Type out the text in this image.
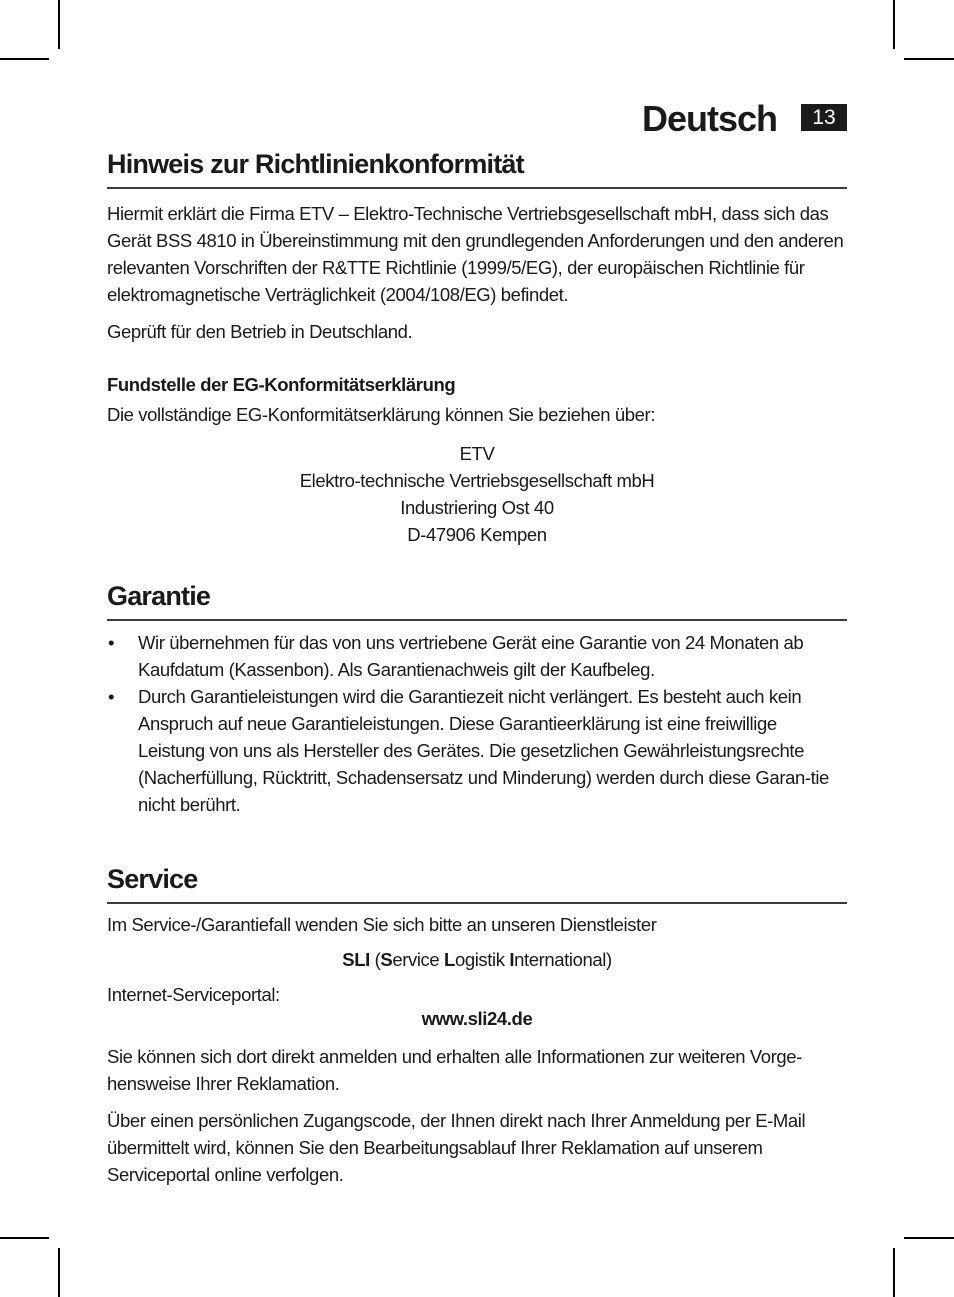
Deutsch	13
Hinweis zur Richtlinienkonformität

Hiermit erklärt die Firma ETV – Elektro-Technische Vertriebsgesellschaft mbH, dass sich das Gerät BSS 4810 in Übereinstimmung mit den grundlegenden Anforderungen und den anderen relevanten Vorschriften der R&TTE Richtlinie (1999/5/EG), der europäischen Richtlinie für elektromagnetische Verträglichkeit (2004/108/EG) befindet.

Geprüft für den Betrieb in Deutschland.

Fundstelle der EG-Konformitätserklärung

Die vollständige EG-Konformitätserklärung können Sie beziehen über:

ETV
Elektro-technische Vertriebsgesellschaft mbH
Industriering Ost 40
D-47906 Kempen
Garantie
• Wir übernehmen für das von uns vertriebene Gerät eine Garantie von 24 Monaten ab Kaufdatum (Kassenbon). Als Garantienachweis gilt der Kaufbeleg.
• Durch Garantieleistungen wird die Garantiezeit nicht verlängert. Es besteht auch kein Anspruch auf neue Garantieleistungen. Diese Garantieerklärung ist eine freiwillige Leistung von uns als Hersteller des Gerätes. Die gesetzlichen Gewährleistungsrechte (Nacherfüllung, Rücktritt, Schadensersatz und Minderung) werden durch diese Garan-tie nicht berührt.
Service

Im Service-/Garantiefall wenden Sie sich bitte an unseren Dienstleister

SLI (Service Logistik International)

Internet-Serviceportal:

www.sli24.de

Sie können sich dort direkt anmelden und erhalten alle Informationen zur weiteren Vorge-hensweise Ihrer Reklamation.

Über einen persönlichen Zugangscode, der Ihnen direkt nach Ihrer Anmeldung per E-Mail übermittelt wird, können Sie den Bearbeitungsablauf Ihrer Reklamation auf unserem Serviceportal online verfolgen.
